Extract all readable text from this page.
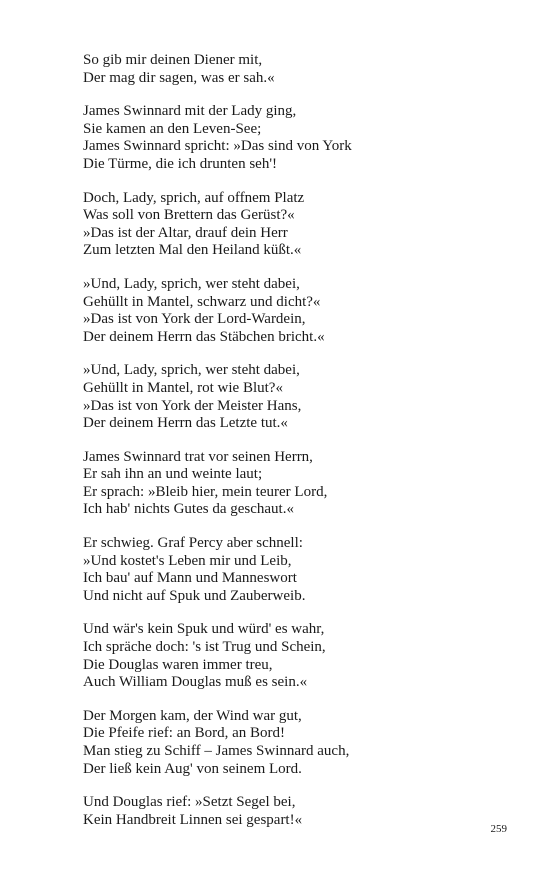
So gib mir deinen Diener mit,
Der mag dir sagen, was er sah.«
James Swinnard mit der Lady ging,
Sie kamen an den Leven-See;
James Swinnard spricht: »Das sind von York
Die Türme, die ich drunten seh'!
Doch, Lady, sprich, auf offnem Platz
Was soll von Brettern das Gerüst?«
»Das ist der Altar, drauf dein Herr
Zum letzten Mal den Heiland küßt.«
»Und, Lady, sprich, wer steht dabei,
Gehüllt in Mantel, schwarz und dicht?«
»Das ist von York der Lord-Wardein,
Der deinem Herrn das Stäbchen bricht.«
»Und, Lady, sprich, wer steht dabei,
Gehüllt in Mantel, rot wie Blut?«
»Das ist von York der Meister Hans,
Der deinem Herrn das Letzte tut.«
James Swinnard trat vor seinen Herrn,
Er sah ihn an und weinte laut;
Er sprach: »Bleib hier, mein teurer Lord,
Ich hab' nichts Gutes da geschaut.«
Er schwieg. Graf Percy aber schnell:
»Und kostet's Leben mir und Leib,
Ich bau' auf Mann und Manneswort
Und nicht auf Spuk und Zauberweib.
Und wär's kein Spuk und würd' es wahr,
Ich spräche doch: 's ist Trug und Schein,
Die Douglas waren immer treu,
Auch William Douglas muß es sein.«
Der Morgen kam, der Wind war gut,
Die Pfeife rief: an Bord, an Bord!
Man stieg zu Schiff – James Swinnard auch,
Der ließ kein Aug' von seinem Lord.
Und Douglas rief: »Setzt Segel bei,
Kein Handbreit Linnen sei gespart!«
259
